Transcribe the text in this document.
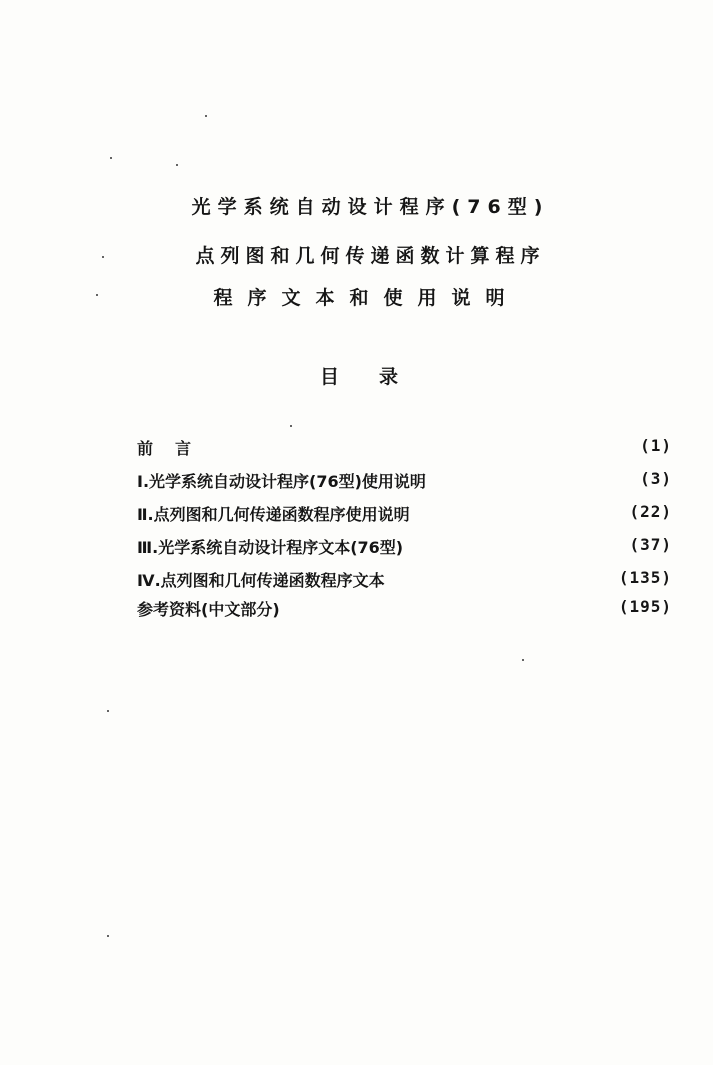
光学系统自动设计程序(76型)
点列图和几何传递函数计算程序
程序文本和使用说明
目录
前言	(1)
Ⅰ.光学系统自动设计程序(76型)使用说明	(3)
Ⅱ.点列图和几何传递函数程序使用说明	(22)
Ⅲ.光学系统自动设计程序文本(76型)	(37)
Ⅳ.点列图和几何传递函数程序文本	(135)
参考资料(中文部分)	(195)
